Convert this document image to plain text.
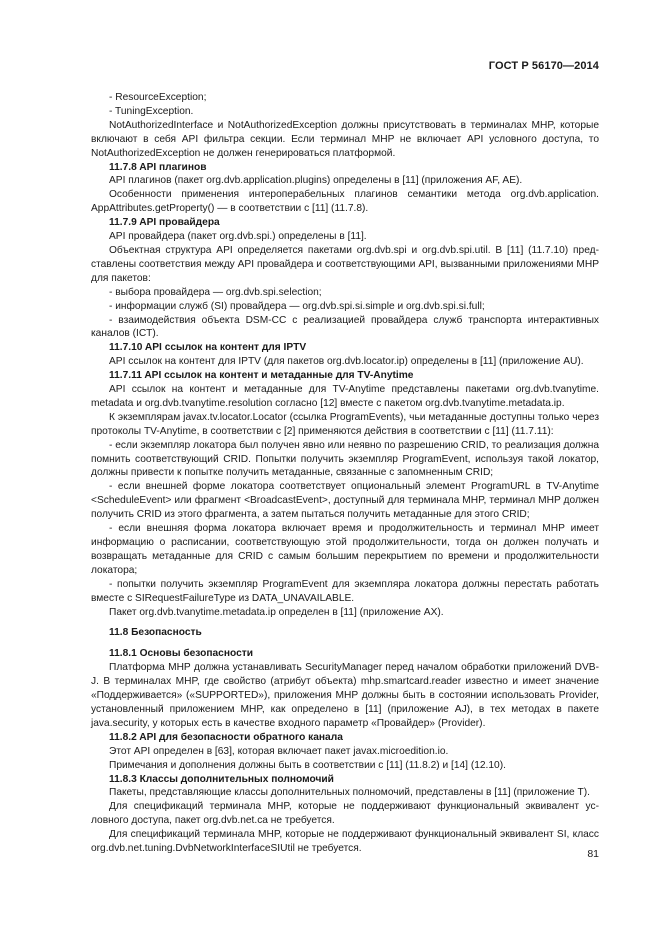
ГОСТ Р 56170—2014
- ResourceException;
- TuningException.
NotAuthorizedInterface и NotAuthorizedException должны присутствовать в терминалах MHP, которые включают в себя API фильтра секции. Если терминал MHP не включает API условного доступа, то NotAuthorizedException не должен генерироваться платформой.
11.7.8 API плагинов
API плагинов (пакет org.dvb.application.plugins) определены в [11] (приложения AF, AE).
Особенности применения интероперабельных плагинов семантики метода org.dvb.application. AppAttributes.getProperty() — в соответствии с [11] (11.7.8).
11.7.9 API провайдера
API провайдера (пакет org.dvb.spi.) определены в [11].
Объектная структура API определяется пакетами org.dvb.spi и org.dvb.spi.util. В [11] (11.7.10) представлены соответствия между API провайдера и соответствующими API, вызванными приложениями MHP для пакетов:
- выбора провайдера — org.dvb.spi.selection;
- информации служб (SI) провайдера — org.dvb.spi.si.simple и org.dvb.spi.si.full;
- взаимодействия объекта DSM-CC с реализацией провайдера служб транспорта интерактивных каналов (ICT).
11.7.10 API ссылок на контент для IPTV
API ссылок на контент для IPTV (для пакетов org.dvb.locator.ip) определены в [11] (приложение AU).
11.7.11 API ссылок на контент и метаданные для TV-Anytime
API ссылок на контент и метаданные для TV-Anytime представлены пакетами org.dvb.tvanytime. metadata и org.dvb.tvanytime.resolution согласно [12] вместе с пакетом org.dvb.tvanytime.metadata.ip.
К экземплярам javax.tv.locator.Locator (ссылка ProgramEvents), чьи метаданные доступны только через протоколы TV-Anytime, в соответствии с [2] применяются действия в соответствии с [11] (11.7.11):
- если экземпляр локатора был получен явно или неявно по разрешению CRID, то реализация должна помнить соответствующий CRID. Попытки получить экземпляр ProgramEvent, используя такой локатор, должны привести к попытке получить метаданные, связанные с запомненным CRID;
- если внешней форме локатора соответствует опциональный элемент ProgramURL в TV-Anytime <ScheduleEvent> или фрагмент <BroadcastEvent>, доступный для терминала MHP, терминал MHP должен получить CRID из этого фрагмента, а затем пытаться получить метаданные для этого CRID;
- если внешняя форма локатора включает время и продолжительность и терминал MHP имеет информацию о расписании, соответствующую этой продолжительности, тогда он должен получать и возвращать метаданные для CRID с самым большим перекрытием по времени и продолжительности локатора;
- попытки получить экземпляр ProgramEvent для экземпляра локатора должны перестать работать вместе с SIRequestFailureType из DATA_UNAVAILABLE.
Пакет org.dvb.tvanytime.metadata.ip определен в [11] (приложение AX).
11.8 Безопасность
11.8.1 Основы безопасности
Платформа MHP должна устанавливать SecurityManager перед началом обработки приложений DVB-J. В терминалах MHP, где свойство (атрибут объекта) mhp.smartcard.reader известно и имеет значение «Поддерживается» («SUPPORTED»), приложения MHP должны быть в состоянии использовать Provider, установленный приложением MHP, как определено в [11] (приложение AJ), в тех методах в пакете java.security, у которых есть в качестве входного параметр «Провайдер» (Provider).
11.8.2 API для безопасности обратного канала
Этот API определен в [63], которая включает пакет javax.microedition.io.
Примечания и дополнения должны быть в соответствии с [11] (11.8.2) и [14] (12.10).
11.8.3 Классы дополнительных полномочий
Пакеты, представляющие классы дополнительных полномочий, представлены в [11] (приложение T).
Для спецификаций терминала MHP, которые не поддерживают функциональный эквивалент условного доступа, пакет org.dvb.net.ca не требуется.
Для спецификаций терминала MHP, которые не поддерживают функциональный эквивалент SI, класс org.dvb.net.tuning.DvbNetworkInterfaceSIUtil не требуется.	81
